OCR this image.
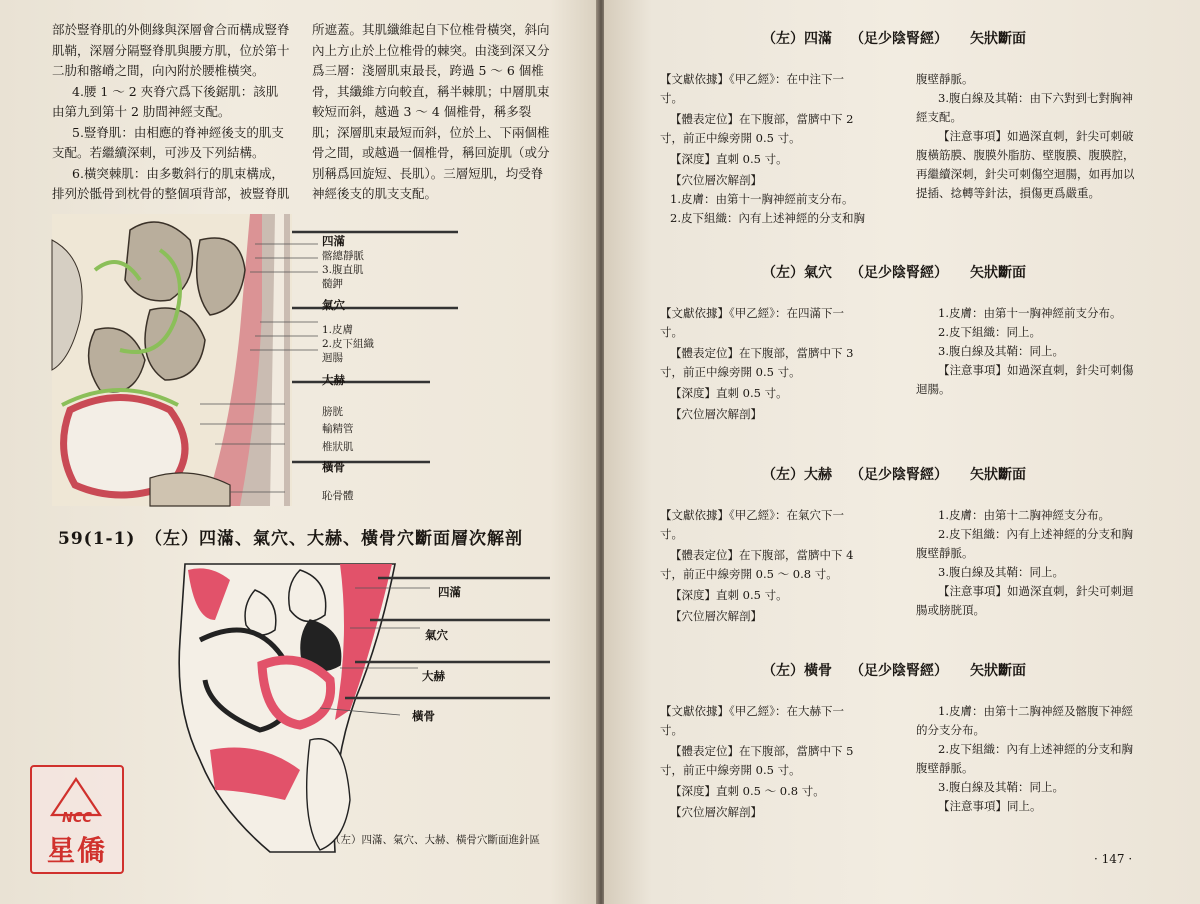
部於豎脊肌的外側緣與深層會合而構成豎脊
肌鞘，深層分隔豎脊肌與腰方肌，位於第十
二肋和髂嵴之間，向內附於腰椎橫突。
4.腰 1 ～ 2 夾脊穴爲下後鋸肌：該肌
由第九到第十 2 肋間神經支配。
5.豎脊肌：由相應的脊神經後支的肌支
支配。若繼續深刺，可涉及下列結構。
6.橫突棘肌：由多數斜行的肌束構成，
排列於骶骨到枕骨的整個項背部，被豎脊肌
所遮蓋。其肌纖維起自下位椎骨橫突，斜向
內上方止於上位椎骨的棘突。由淺到深又分
爲三層：淺層肌束最長，跨過 5 ～ 6 個椎
骨，其纖維方向較直，稱半棘肌；中層肌束
較短而斜，越過 3 ～ 4 個椎骨，稱多裂
肌；深層肌束最短而斜，位於上、下兩個椎
骨之間，或越過一個椎骨，稱回旋肌（或分
別稱爲回旋短、長肌）。三層短肌，均受脊
神經後支的肌支支配。
四滿
髂總靜脈
3.腹直肌
髓鉀
氣穴
1.皮膚
2.皮下組織
迴腸
大赫
膀胱
輸精管
椎狀肌
橫骨
恥骨體
59(1-1)　（左）四滿、氣穴、大赫、橫骨穴斷面層次解剖
四滿
氣穴
大赫
橫骨
（左）四滿、氣穴、大赫、橫骨穴斷面進針區
NCC
星僑
（左）四滿 （足少陰腎經） 矢狀斷面
【文獻依據】《甲乙經》：在中注下一
寸。
【體表定位】在下腹部，當臍中下 2
寸，前正中線旁開 0.5 寸。
【深度】直刺 0.5 寸。
【穴位層次解剖】
1.皮膚：由第十一胸神經前支分布。
2.皮下組織：內有上述神經的分支和胸
腹壁靜脈。
3.腹白線及其鞘：由下六對到七對胸神
經支配。
【注意事項】如過深直刺，針尖可刺破
腹橫筋膜、腹膜外脂肪、壁腹膜、腹膜腔，
再繼續深刺，針尖可刺傷空迴腸，如再加以
提插、捻轉等針法，損傷更爲嚴重。
（左）氣穴 （足少陰腎經） 矢狀斷面
【文獻依據】《甲乙經》：在四滿下一
寸。
【體表定位】在下腹部，當臍中下 3
寸，前正中線旁開 0.5 寸。
【深度】直刺 0.5 寸。
【穴位層次解剖】
1.皮膚：由第十一胸神經前支分布。
2.皮下組織：同上。
3.腹白線及其鞘：同上。
【注意事項】如過深直刺，針尖可刺傷
迴腸。
（左）大赫 （足少陰腎經） 矢狀斷面
【文獻依據】《甲乙經》：在氣穴下一
寸。
【體表定位】在下腹部，當臍中下 4
寸，前正中線旁開 0.5 ～ 0.8 寸。
【深度】直刺 0.5 寸。
【穴位層次解剖】
1.皮膚：由第十二胸神經支分布。
2.皮下組織：內有上述神經的分支和胸
腹壁靜脈。
3.腹白線及其鞘：同上。
【注意事項】如過深直刺，針尖可刺迴
腸或膀胱頂。
（左）橫骨 （足少陰腎經） 矢狀斷面
【文獻依據】《甲乙經》：在大赫下一
寸。
【體表定位】在下腹部，當臍中下 5
寸，前正中線旁開 0.5 寸。
【深度】直刺 0.5 ～ 0.8 寸。
【穴位層次解剖】
1.皮膚：由第十二胸神經及髂腹下神經
的分支分布。
2.皮下組織：內有上述神經的分支和胸
腹壁靜脈。
3.腹白線及其鞘：同上。
【注意事項】同上。
· 147 ·
